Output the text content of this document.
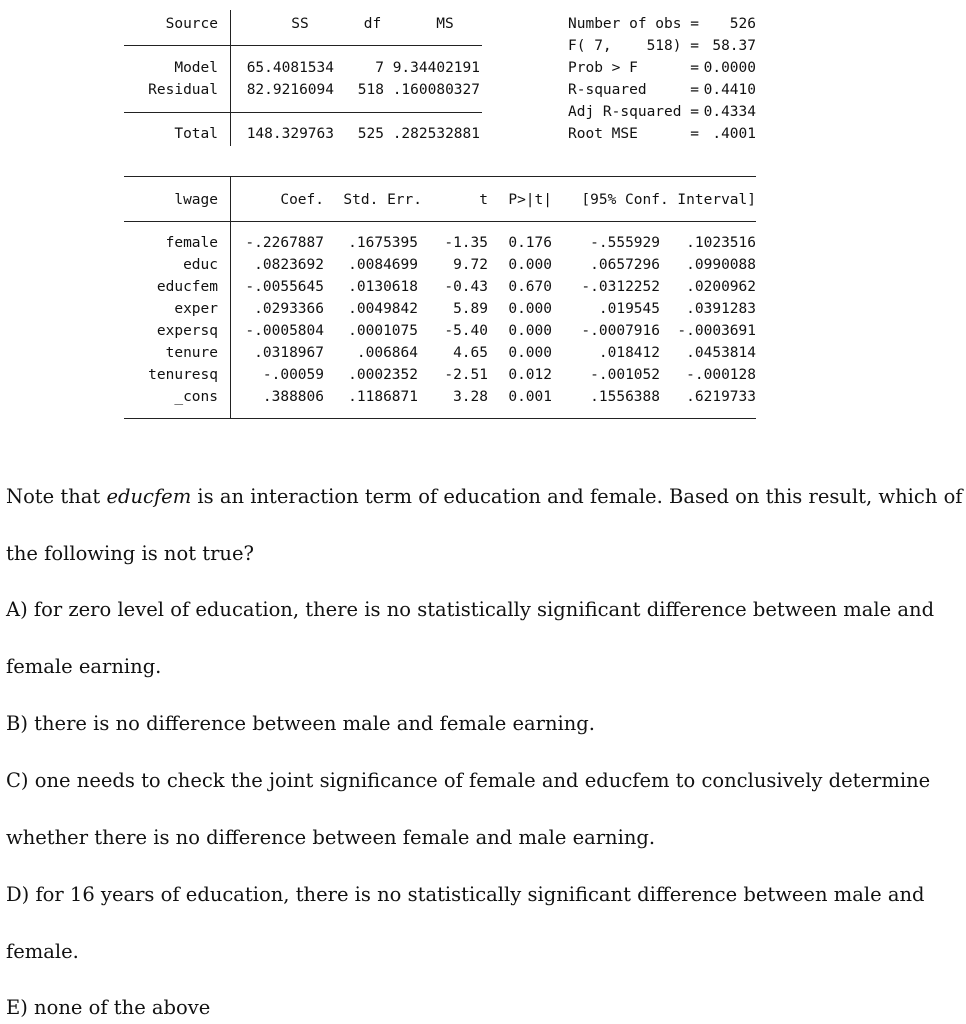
Source	SS	df	MS
Model	65.4081534	7 9.34402191
Residual	82.9216094	518 .160080327
Total	148.329763	525 .282532881
Number of obs =	526
F( 7,    518) = 58.37
Prob > F      = 0.0000
R-squared     = 0.4410
Adj R-squared = 0.4334
Root MSE      = .4001
lwage	Coef.	Std. Err.	t	P>|t|	[95% Conf. Interval]
female	-.2267887	.1675395	-1.35	0.176	-.555929	.1023516
educ	.0823692	.0084699	9.72	0.000	.0657296	.0990088
educfem	-.0055645	.0130618	-0.43	0.670	-.0312252	.0200962
exper	.0293366	.0049842	5.89	0.000	.019545	.0391283
expersq	-.0005804	.0001075	-5.40	0.000	-.0007916	-.0003691
tenure	.0318967	.006864	4.65	0.000	.018412	.0453814
tenuresq	-.00059	.0002352	-2.51	0.012	-.001052	-.000128
_cons	.388806	.1186871	3.28	0.001	.1556388	.6219733
Note that educfem is an interaction term of education and female. Based on this result, which of
the following is not true?
A) for zero level of education, there is no statistically significant difference between male and
female earning.
B) there is no difference between male and female earning.
C) one needs to check the joint significance of female and educfem to conclusively determine
whether there is no difference between female and male earning.
D) for 16 years of education, there is no statistically significant difference between male and
female.
E) none of the above
